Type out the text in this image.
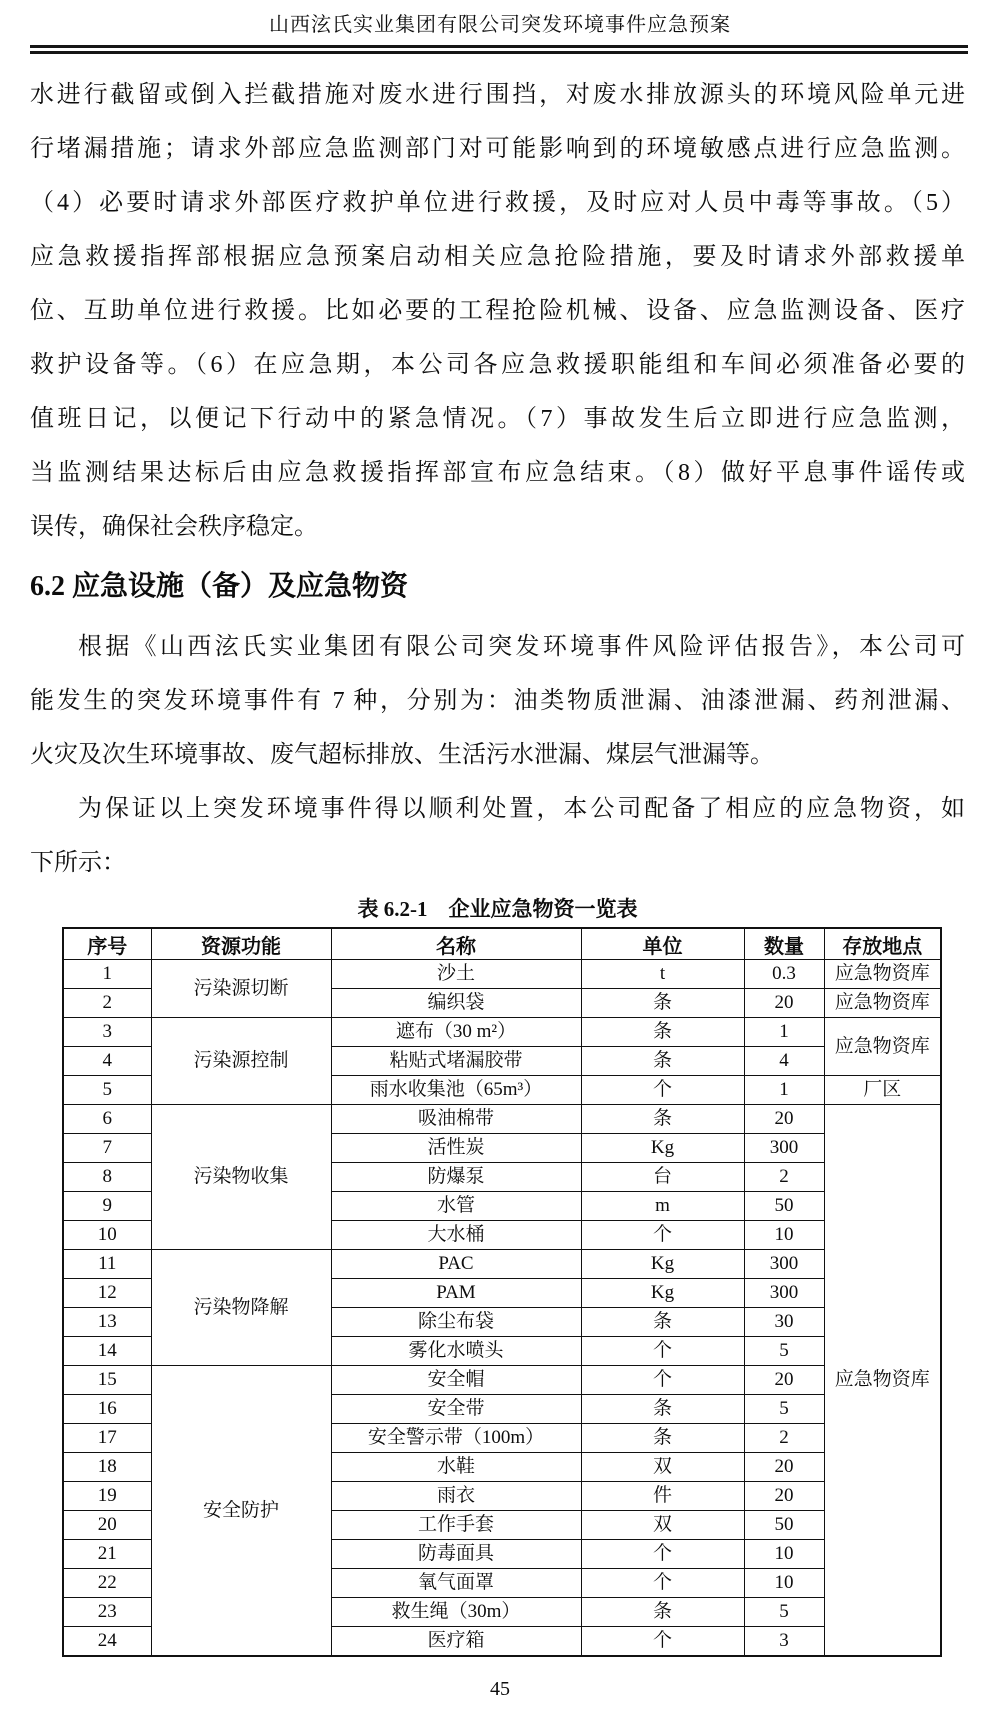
山西泫氏实业集团有限公司突发环境事件应急预案
水进行截留或倒入拦截措施对废水进行围挡，对废水排放源头的环境风险单元进
行堵漏措施；请求外部应急监测部门对可能影响到的环境敏感点进行应急监测。
（4）必要时请求外部医疗救护单位进行救援，及时应对人员中毒等事故。（5）
应急救援指挥部根据应急预案启动相关应急抢险措施，要及时请求外部救援单
位、互助单位进行救援。比如必要的工程抢险机械、设备、应急监测设备、医疗
救护设备等。（6）在应急期，本公司各应急救援职能组和车间必须准备必要的
值班日记，以便记下行动中的紧急情况。（7）事故发生后立即进行应急监测，
当监测结果达标后由应急救援指挥部宣布应急结束。（8）做好平息事件谣传或
误传，确保社会秩序稳定。
6.2 应急设施（备）及应急物资
根据《山西泫氏实业集团有限公司突发环境事件风险评估报告》，本公司可
能发生的突发环境事件有 7 种，分别为：油类物质泄漏、油漆泄漏、药剂泄漏、
火灾及次生环境事故、废气超标排放、生活污水泄漏、煤层气泄漏等。
为保证以上突发环境事件得以顺利处置，本公司配备了相应的应急物资，如
下所示：
表 6.2-1　企业应急物资一览表
序号	资源功能	名称	单位	数量	存放地点
1	污染源切断	沙土	t	0.3	应急物资库
2		编织袋	条	20	应急物资库
3	污染源控制	遮布（30 m²）	条	1	应急物资库
4		粘贴式堵漏胶带	条	4	
5		雨水收集池（65m³）	个	1	厂区
6	污染物收集	吸油棉带	条	20	应急物资库
7		活性炭	Kg	300	
8		防爆泵	台	2	
9		水管	m	50	
10		大水桶	个	10	
11	污染物降解	PAC	Kg	300	
12		PAM	Kg	300	
13		除尘布袋	条	30	
14		雾化水喷头	个	5	
15	安全防护	安全帽	个	20	
16		安全带	条	5	
17		安全警示带（100m）	条	2	
18		水鞋	双	20	
19		雨衣	件	20	
20		工作手套	双	50	
21		防毒面具	个	10	
22		氧气面罩	个	10	
23		救生绳（30m）	条	5	
24		医疗箱	个	3	
45
